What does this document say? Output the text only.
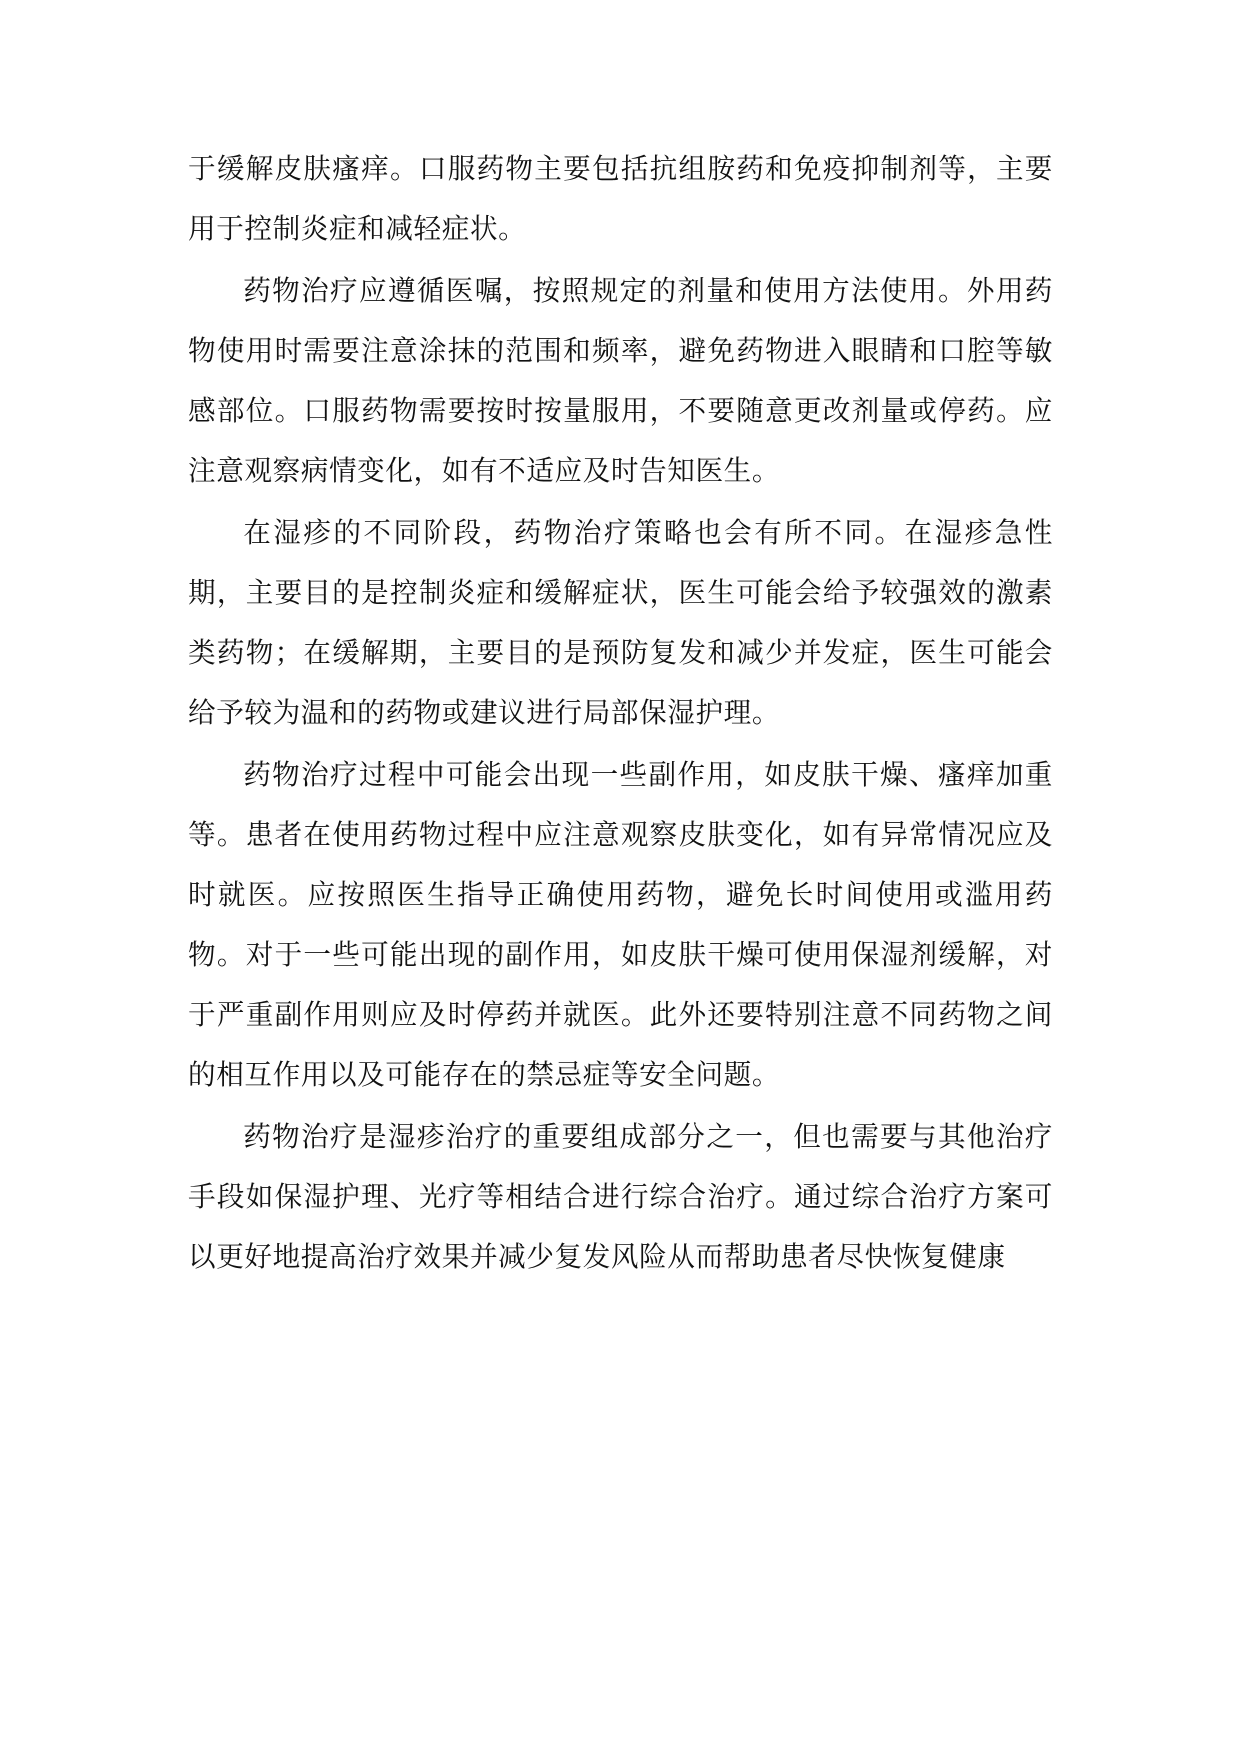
于缓解皮肤瘙痒。口服药物主要包括抗组胺药和免疫抑制剂等，主要用于控制炎症和减轻症状。

药物治疗应遵循医嘱，按照规定的剂量和使用方法使用。外用药物使用时需要注意涂抹的范围和频率，避免药物进入眼睛和口腔等敏感部位。口服药物需要按时按量服用，不要随意更改剂量或停药。应注意观察病情变化，如有不适应及时告知医生。

在湿疹的不同阶段，药物治疗策略也会有所不同。在湿疹急性期，主要目的是控制炎症和缓解症状，医生可能会给予较强效的激素类药物；在缓解期，主要目的是预防复发和减少并发症，医生可能会给予较为温和的药物或建议进行局部保湿护理。

药物治疗过程中可能会出现一些副作用，如皮肤干燥、瘙痒加重等。患者在使用药物过程中应注意观察皮肤变化，如有异常情况应及时就医。应按照医生指导正确使用药物，避免长时间使用或滥用药物。对于一些可能出现的副作用，如皮肤干燥可使用保湿剂缓解，对于严重副作用则应及时停药并就医。此外还要特别注意不同药物之间的相互作用以及可能存在的禁忌症等安全问题。

药物治疗是湿疹治疗的重要组成部分之一，但也需要与其他治疗手段如保湿护理、光疗等相结合进行综合治疗。通过综合治疗方案可以更好地提高治疗效果并减少复发风险从而帮助患者尽快恢复健康
